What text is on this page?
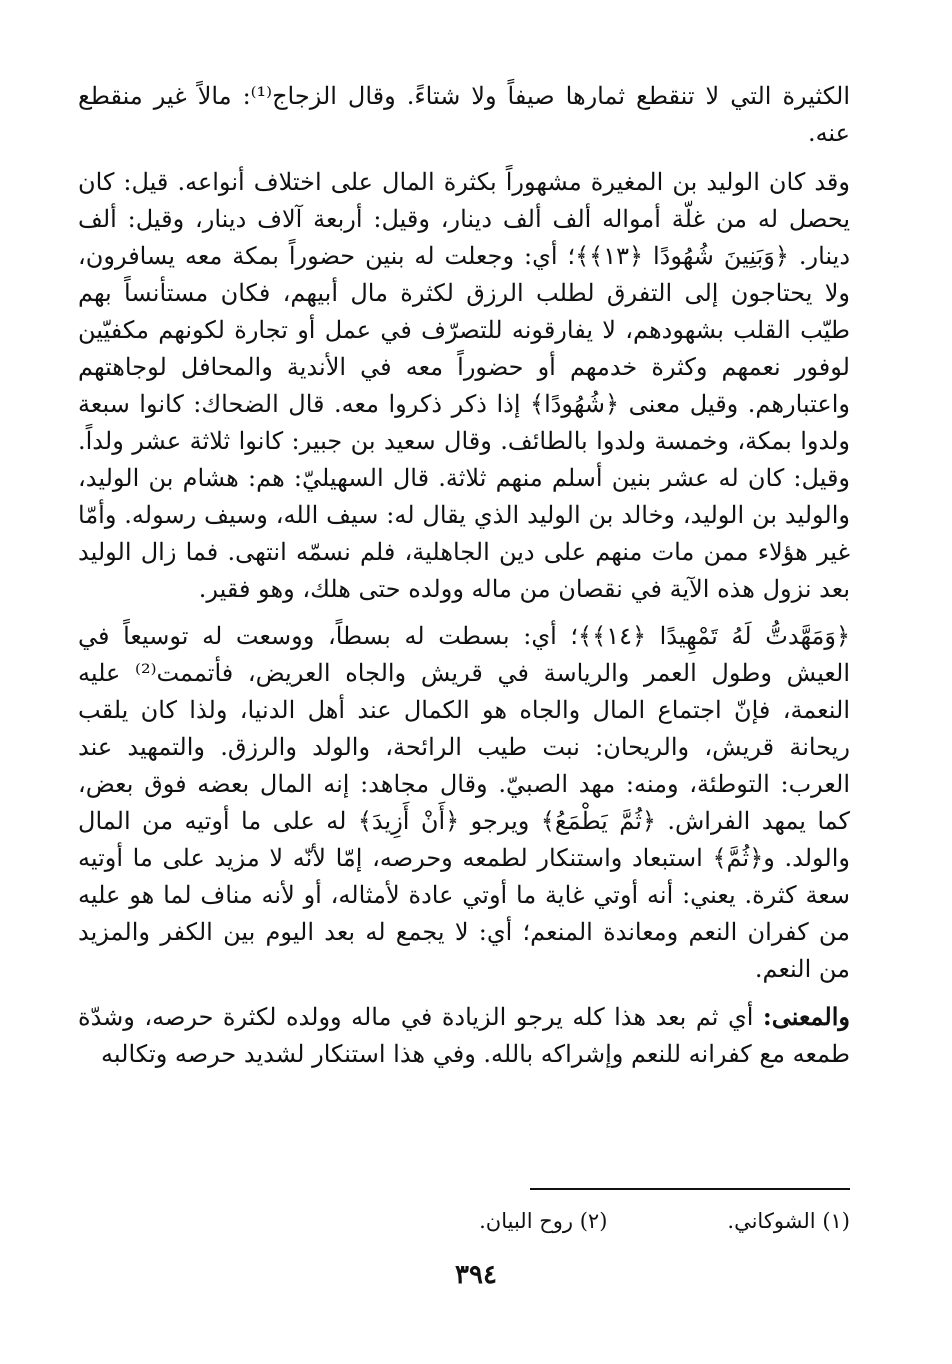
الكثيرة التي لا تنقطع ثمارها صيفاً ولا شتاءً. وقال الزجاج⁽¹⁾: مالاً غير منقطع عنه.

وقد كان الوليد بن المغيرة مشهوراً بكثرة المال على اختلاف أنواعه. قيل: كان يحصل له من غلّة أمواله ألف ألف دينار، وقيل: أربعة آلاف دينار، وقيل: ألف دينار. ﴿وَبَنِينَ شُهُودًا ﴿١٣﴾﴾؛ أي: وجعلت له بنين حضوراً بمكة معه يسافرون، ولا يحتاجون إلى التفرق لطلب الرزق لكثرة مال أبيهم، فكان مستأنساً بهم طيّب القلب بشهودهم، لا يفارقونه للتصرّف في عمل أو تجارة لكونهم مكفيّين لوفور نعمهم وكثرة خدمهم أو حضوراً معه في الأندية والمحافل لوجاهتهم واعتبارهم. وقيل معنى ﴿شُهُودًا﴾ إذا ذكر ذكروا معه. قال الضحاك: كانوا سبعة ولدوا بمكة، وخمسة ولدوا بالطائف. وقال سعيد بن جبير: كانوا ثلاثة عشر ولداً. وقيل: كان له عشر بنين أسلم منهم ثلاثة. قال السهيليّ: هم: هشام بن الوليد، والوليد بن الوليد، وخالد بن الوليد الذي يقال له: سيف الله، وسيف رسوله. وأمّا غير هؤلاء ممن مات منهم على دين الجاهلية، فلم نسمّه انتهى. فما زال الوليد بعد نزول هذه الآية في نقصان من ماله وولده حتى هلك، وهو فقير.

﴿وَمَهَّدتُّ لَهُ تَمْهِيدًا ﴿١٤﴾﴾؛ أي: بسطت له بسطاً، ووسعت له توسيعاً في العيش وطول العمر والرياسة في قريش والجاه العريض، فأتممت⁽²⁾ عليه النعمة، فإنّ اجتماع المال والجاه هو الكمال عند أهل الدنيا، ولذا كان يلقب ريحانة قريش، والريحان: نبت طيب الرائحة، والولد والرزق. والتمهيد عند العرب: التوطئة، ومنه: مهد الصبيّ. وقال مجاهد: إنه المال بعضه فوق بعض، كما يمهد الفراش. ﴿ثُمَّ يَطْمَعُ﴾ ويرجو ﴿أَنْ أَزِيدَ﴾ له على ما أوتيه من المال والولد. و﴿ثُمَّ﴾ استبعاد واستنكار لطمعه وحرصه، إمّا لأنّه لا مزيد على ما أوتيه سعة كثرة. يعني: أنه أوتي غاية ما أوتي عادة لأمثاله، أو لأنه مناف لما هو عليه من كفران النعم ومعاندة المنعم؛ أي: لا يجمع له بعد اليوم بين الكفر والمزيد من النعم.

والمعنى: أي ثم بعد هذا كله يرجو الزيادة في ماله وولده لكثرة حرصه، وشدّة طمعه مع كفرانه للنعم وإشراكه بالله. وفي هذا استنكار لشديد حرصه وتكالبه

(١) الشوكاني.
(٢) روح البيان.
٣٩٤
